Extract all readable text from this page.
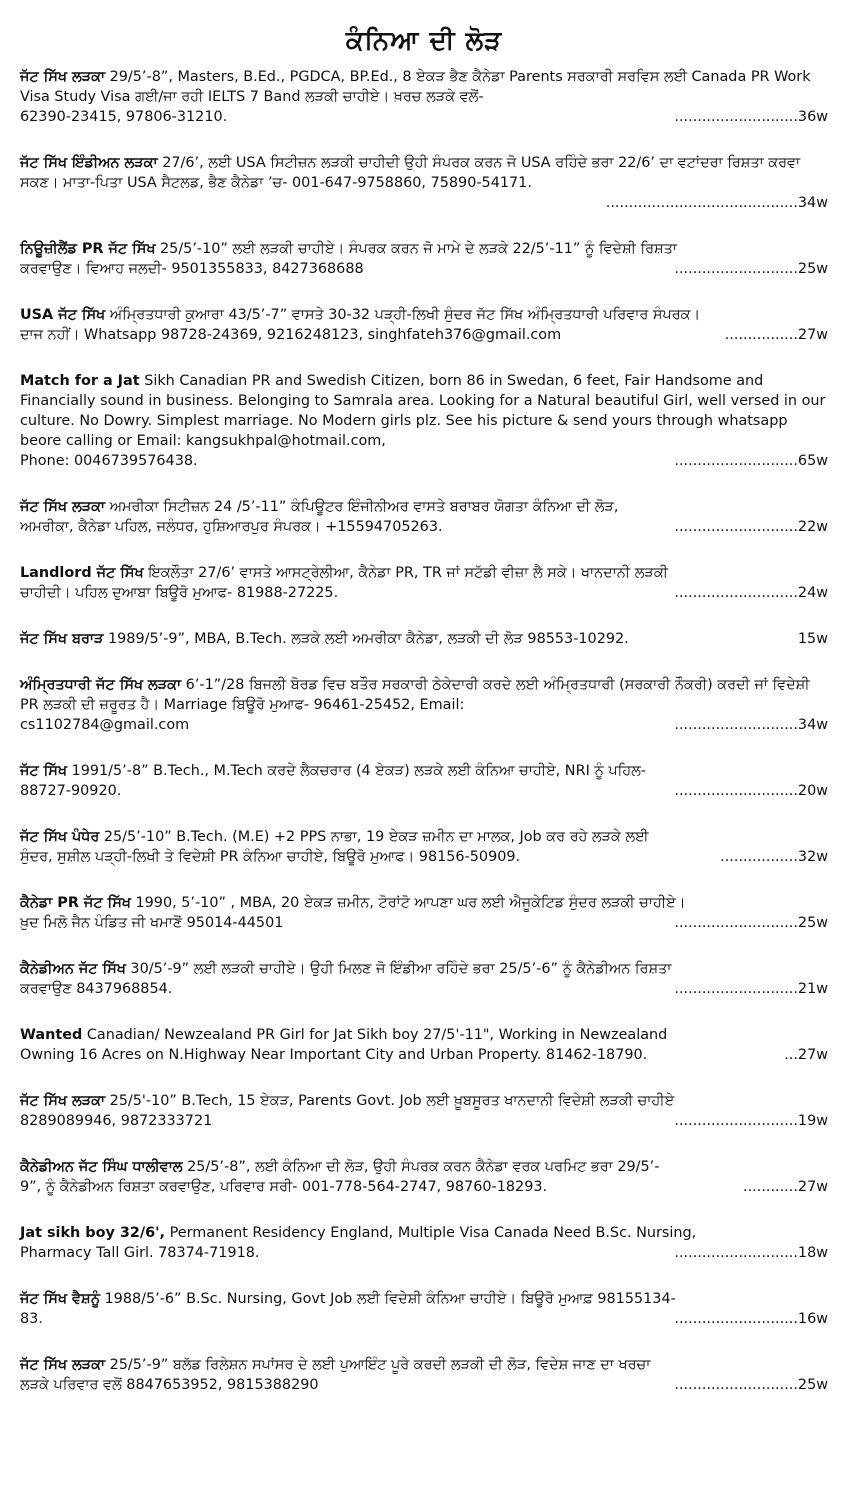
ਕੰਨਿਆ ਦੀ ਲੋੜ
ਜੱਟ ਸਿੱਖ ਲੜਕਾ 29/5’-8”, Masters, B.Ed., PGDCA, BP.Ed., 8 ਏਕੜ ਭੈਣ ਕੈਨੇਡਾ Parents ਸਰਕਾਰੀ ਸਰਵਿਸ ਲਈ Canada PR Work Visa Study Visa ਗਈ/ਜਾ ਰਹੀ IELTS 7 Band ਲੜਕੀ ਚਾਹੀਏ। ਖ਼ਰਚ ਲੜਕੇ ਵਲੋਂ-
62390-23415, 97806-31210.	...........................36w
ਜੱਟ ਸਿੱਖ ਇੰਡੀਅਨ ਲੜਕਾ 27/6’, ਲਈ USA ਸਿਟੀਜ਼ਨ ਲੜਕੀ ਚਾਹੀਦੀ ਉਹੀ ਸੰਪਰਕ ਕਰਨ ਜੋ USA ਰਹਿੰਦੇ ਭਰਾ 22/6’ ਦਾ ਵਟਾਂਦਰਾ ਰਿਸ਼ਤਾ ਕਰਵਾ ਸਕਣ। ਮਾਤਾ-ਪਿਤਾ USA ਸੈਟਲਡ, ਭੈਣ ਕੈਨੇਡਾ ’ਚ- 001-647-9758860, 75890-54171.
..........................................34w
ਨਿਊਜ਼ੀਲੈਂਡ PR ਜੱਟ ਸਿੱਖ 25/5’-10” ਲਈ ਲੜਕੀ ਚਾਹੀਏ। ਸੰਪਰਕ ਕਰਨ ਜੋ ਮਾਮੇ ਦੇ ਲੜਕੇ 22/5’-11” ਨੂੰ ਵਿਦੇਸ਼ੀ ਰਿਸ਼ਤਾ
ਕਰਵਾਉਣ। ਵਿਆਹ ਜਲਦੀ- 9501355833, 8427368688	...........................25w
USA ਜੱਟ ਸਿੱਖ ਅੰਮ੍ਰਿਤਧਾਰੀ ਕੁਆਰਾ 43/5’-7” ਵਾਸਤੇ 30-32 ਪੜ੍ਹੀ-ਲਿਖੀ ਸੁੰਦਰ ਜੱਟ ਸਿੱਖ ਅੰਮ੍ਰਿਤਧਾਰੀ ਪਰਿਵਾਰ ਸੰਪਰਕ।
ਦਾਜ ਨਹੀਂ। Whatsapp 98728-24369, 9216248123, singhfateh376@gmail.com	................27w
Match for a Jat Sikh Canadian PR and Swedish Citizen, born 86 in Swedan, 6 feet, Fair Handsome and Financially sound in business. Belonging to Samrala area. Looking for a Natural beautiful Girl, well versed in our culture. No Dowry. Simplest marriage. No Modern girls plz. See his picture & send yours through whatsapp beore calling or Email: kangsukhpal@hotmail.com,
Phone: 0046739576438.	...........................65w
ਜੱਟ ਸਿੱਖ ਲੜਕਾ ਅਮਰੀਕਾ ਸਿਟੀਜ਼ਨ 24 /5’-11” ਕੰਪਿਊਟਰ ਇੰਜੀਨੀਅਰ ਵਾਸਤੇ ਬਰਾਬਰ ਯੋਗਤਾ ਕੰਨਿਆ ਦੀ ਲੋੜ,
ਅਮਰੀਕਾ, ਕੈਨੇਡਾ ਪਹਿਲ, ਜਲੰਧਰ, ਹੁਸ਼ਿਆਰਪੁਰ ਸੰਪਰਕ। +15594705263.	...........................22w
Landlord ਜੱਟ ਸਿੱਖ ਇਕਲੌਤਾ 27/6’ ਵਾਸਤੇ ਆਸਟ੍ਰੇਲੀਆ, ਕੈਨੇਡਾ PR, TR ਜਾਂ ਸਟੱਡੀ ਵੀਜ਼ਾ ਲੈ ਸਕੇ। ਖਾਨਦਾਨੀ ਲੜਕੀ
ਚਾਹੀਦੀ। ਪਹਿਲ ਦੁਆਬਾ ਬਿਊਰੋ ਮੁਆਫ- 81988-27225.	...........................24w
ਜੱਟ ਸਿੱਖ ਬਰਾੜ 1989/5’-9”, MBA, B.Tech. ਲੜਕੇ ਲਈ ਅਮਰੀਕਾ ਕੈਨੇਡਾ, ਲੜਕੀ ਦੀ ਲੋੜ 98553-10292.	15w
ਅੰਮ੍ਰਿਤਧਾਰੀ ਜੱਟ ਸਿੱਖ ਲੜਕਾ 6’-1”/28 ਬਿਜਲੀ ਬੋਰਡ ਵਿਚ ਬਤੌਰ ਸਰਕਾਰੀ ਠੇਕੇਦਾਰੀ ਕਰਦੇ ਲਈ ਅੰਮ੍ਰਿਤਧਾਰੀ (ਸਰਕਾਰੀ ਨੌਕਰੀ) ਕਰਦੀ ਜਾਂ ਵਿਦੇਸ਼ੀ PR ਲੜਕੀ ਦੀ ਜ਼ਰੂਰਤ ਹੈ। Marriage ਬਿਊਰੋ ਮੁਆਫ- 96461-25452, Email:
cs1102784@gmail.com	...........................34w
ਜੱਟ ਸਿੱਖ 1991/5’-8” B.Tech., M.Tech ਕਰਦੇ ਲੈਕਚਰਾਰ (4 ਏਕੜ) ਲੜਕੇ ਲਈ ਕੰਨਿਆ ਚਾਹੀਏ, NRI ਨੂੰ ਪਹਿਲ-
88727-90920.	...........................20w
ਜੱਟ ਸਿੱਖ ਪੰਧੇਰ 25/5’-10” B.Tech. (M.E) +2 PPS ਨਾਭਾ, 19 ਏਕੜ ਜ਼ਮੀਨ ਦਾ ਮਾਲਕ, Job ਕਰ ਰਹੇ ਲੜਕੇ ਲਈ
ਸੁੰਦਰ, ਸੁਸ਼ੀਲ ਪੜ੍ਹੀ-ਲਿਖੀ ਤੇ ਵਿਦੇਸ਼ੀ PR ਕੰਨਿਆ ਚਾਹੀਏ, ਬਿਊਰੋ ਮੁਆਫ। 98156-50909.	.................32w
ਕੈਨੇਡਾ PR ਜੱਟ ਸਿੱਖ 1990, 5’-10” , MBA, 20 ਏਕੜ ਜ਼ਮੀਨ, ਟੋਰਾਂਟੋ ਆਪਣਾ ਘਰ ਲਈ ਐਜੂਕੇਟਿਡ ਸੁੰਦਰ ਲੜਕੀ ਚਾਹੀਏ।
ਖ਼ੁਦ ਮਿਲੋ ਜੈਨ ਪੰਡਿਤ ਜੀ ਖਮਾਣੋਂ 95014-44501	...........................25w
ਕੈਨੇਡੀਅਨ ਜੱਟ ਸਿੱਖ 30/5’-9” ਲਈ ਲੜਕੀ ਚਾਹੀਏ। ਉਹੀ ਮਿਲਣ ਜੋ ਇੰਡੀਆ ਰਹਿੰਦੇ ਭਰਾ 25/5’-6” ਨੂੰ ਕੈਨੇਡੀਅਨ ਰਿਸ਼ਤਾ
ਕਰਵਾਉਣ 8437968854.	...........................21w
Wanted Canadian/ Newzealand PR Girl for Jat Sikh boy 27/5'-11", Working in Newzealand
Owning 16 Acres on N.Highway Near Important City and Urban Property. 81462-18790.	...27w
ਜੱਟ ਸਿੱਖ ਲੜਕਾ 25/5'-10” B.Tech, 15 ਏਕੜ, Parents Govt. Job ਲਈ ਖ਼ੂਬਸੂਰਤ ਖਾਨਦਾਨੀ ਵਿਦੇਸ਼ੀ ਲੜਕੀ ਚਾਹੀਏ
8289089946, 9872333721	...........................19w
ਕੈਨੇਡੀਅਨ ਜੱਟ ਸਿੰਘ ਧਾਲੀਵਾਲ 25/5’-8”, ਲਈ ਕੰਨਿਆ ਦੀ ਲੋੜ, ਉਹੀ ਸੰਪਰਕ ਕਰਨ ਕੈਨੇਡਾ ਵਰਕ ਪਰਮਿਟ ਭਰਾ 29/5’-
9”, ਨੂੰ ਕੈਨੇਡੀਅਨ ਰਿਸ਼ਤਾ ਕਰਵਾਉਣ, ਪਰਿਵਾਰ ਸਰੀ- 001-778-564-2747, 98760-18293.	............27w
Jat sikh boy 32/6', Permanent Residency England, Multiple Visa Canada Need B.Sc. Nursing,
Pharmacy Tall Girl. 78374-71918.	...........................18w
ਜੱਟ ਸਿੱਖ ਵੈਸ਼ਨੂੰ 1988/5’-6” B.Sc. Nursing, Govt Job ਲਈ ਵਿਦੇਸ਼ੀ ਕੰਨਿਆ ਚਾਹੀਏ। ਬਿਊਰੋ ਮੁਆਫ਼ 98155134-
83.	...........................16w
ਜੱਟ ਸਿੱਖ ਲੜਕਾ 25/5’-9” ਬਲੱਡ ਰਿਲੇਸ਼ਨ ਸਪਾਂਸਰ ਦੇ ਲਈ ਪੁਆਇੰਟ ਪੂਰੇ ਕਰਦੀ ਲੜਕੀ ਦੀ ਲੋੜ, ਵਿਦੇਸ਼ ਜਾਣ ਦਾ ਖਰਚਾ
ਲੜਕੇ ਪਰਿਵਾਰ ਵਲੋਂ 8847653952, 9815388290	...........................25w
